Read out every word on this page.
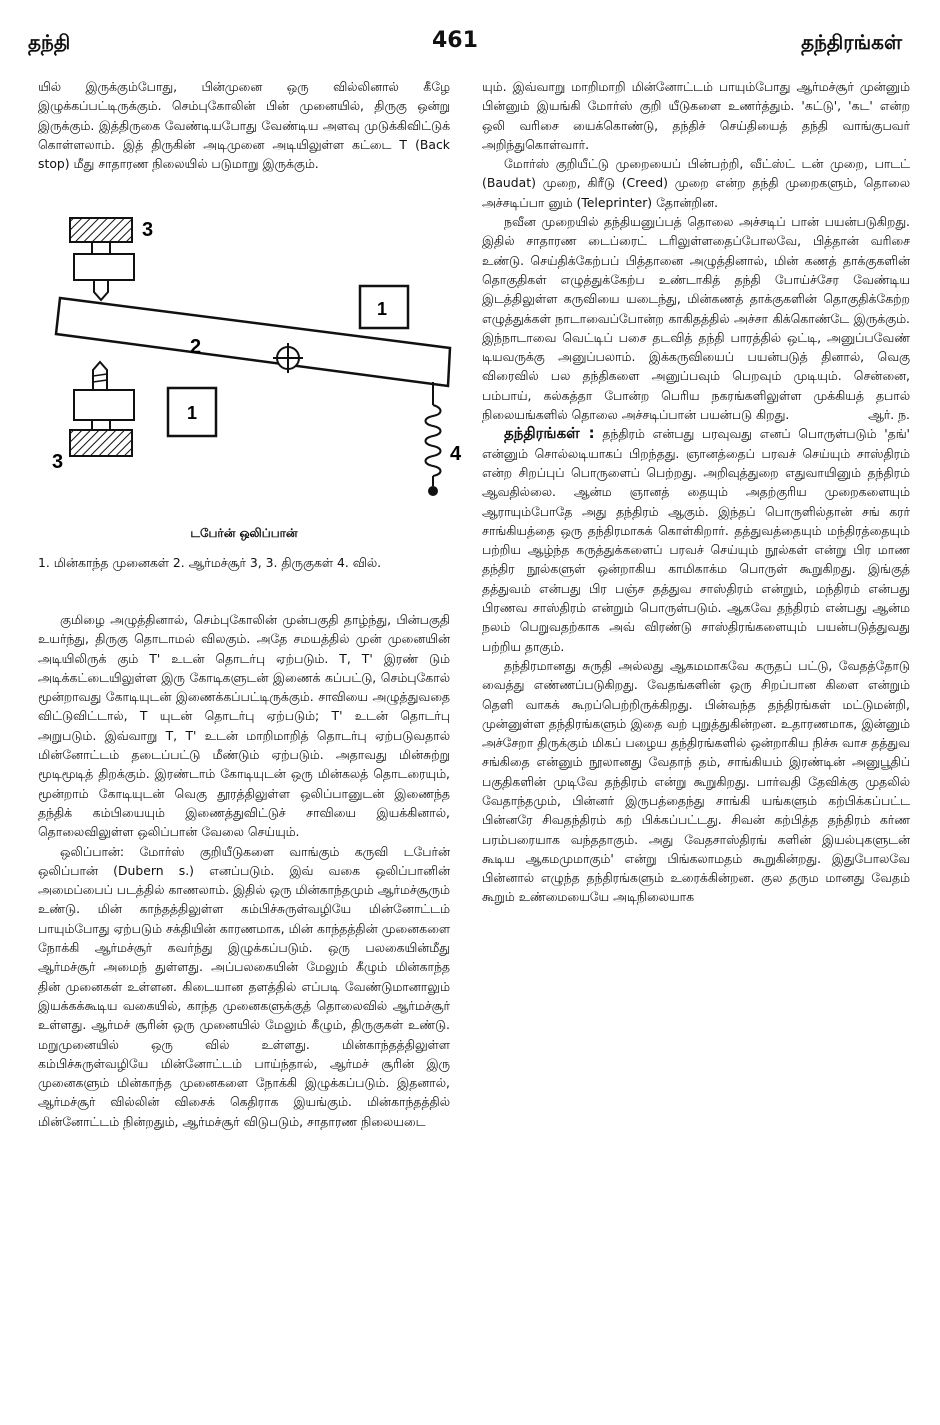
தந்தி	461	தந்திரங்கள்

யில் இருக்கும்போது, பின்முனை ஒரு வில்லினால் கீழே இழுக்கப்பட்டிருக்கும். செம்புகோலின் பின் முனையில், திருகு ஒன்று இருக்கும். இத்திருகை வேண்டியபோது வேண்டிய அளவு முடுக்கிவிட்டுக் கொள்ளலாம். இத் திருகின் அடிமுனை அடியிலுள்ள கட்டை T (Back stop) மீது சாதாரண நிலையில் படுமாறு இருக்கும்.

3
1
2
1
3	4
டபேர்ன் ஒலிப்பான்
1. மின்காந்த முனைகள் 2. ஆர்மச்சூர் 3, 3. திருகுகள் 4. வில்.

குமிழை அழுத்தினால், செம்புகோலின் முன்பகுதி தாழ்ந்து, பின்பகுதி உயர்ந்து, திருகு தொடாமல் விலகும். அதே சமயத்தில் முன் முனையின் அடியிலிருக் கும் T' உடன் தொடர்பு ஏற்படும். T, T' இரண் டும் அடிக்கட்டையிலுள்ள இரு கோடிகளுடன் இணைக் கப்பட்டு, செம்புகோல் மூன்றாவது கோடியுடன் இணைக்கப்பட்டிருக்கும். சாவியை அழுத்துவதை விட்டுவிட்டால், T யுடன் தொடர்பு ஏற்படும்; T' உடன் தொடர்பு அறுபடும். இவ்வாறு T, T' உடன் மாறிமாறித் தொடர்பு ஏற்படுவதால் மின்னோட்டம் தடைப்பட்டு மீண்டும் ஏற்படும். அதாவது மின்சுற்று மூடிமூடித் திறக்கும். இரண்டாம் கோடியுடன் ஒரு மின்கலத் தொடரையும், மூன்றாம் கோடியுடன் வெகு தூரத்திலுள்ள ஒலிப்பானுடன் இணைந்த தந்திக் கம்பியையும் இணைத்துவிட்டுச் சாவியை இயக்கினால், தொலைவிலுள்ள ஒலிப்பான் வேலை செய்யும்.

ஒலிப்பான்: மோர்ஸ் குறியீடுகளை வாங்கும் கருவி டபேர்ன் ஒலிப்பான் (Dubern s.) எனப்படும். இவ் வகை ஒலிப்பானின் அமைப்பைப் படத்தில் காணலாம். இதில் ஒரு மின்காந்தமும் ஆர்மச்சூரும் உண்டு. மின் காந்தத்திலுள்ள கம்பிச்சுருள்வழியே மின்னோட்டம் பாயும்போது ஏற்படும் சக்தியின் காரணமாக, மின் காந்தத்தின் முனைகளை நோக்கி ஆர்மச்சூர் கவர்ந்து இழுக்கப்படும். ஒரு பலகையின்மீது ஆர்மச்சூர் அமைந் துள்ளது. அப்பலகையின் மேலும் கீழும் மின்காந்த தின் முனைகள் உள்ளன. கிடையான தளத்தில் எப்படி வேண்டுமானாலும் இயக்கக்கூடிய வகையில், காந்த முனைகளுக்குத் தொலைவில் ஆர்மச்சூர் உள்ளது. ஆர்மச் சூரின் ஒரு முனையில் மேலும் கீழும், திருகுகள் உண்டு. மறுமுனையில் ஒரு வில் உள்ளது. மின்காந்தத்திலுள்ள கம்பிச்சுருள்வழியே மின்னோட்டம் பாய்ந்தால், ஆர்மச் சூரின் இரு முனைகளும் மின்காந்த முனைகளை நோக்கி இழுக்கப்படும். இதனால், ஆர்மச்சூர் வில்லின் விசைக் கெதிராக இயங்கும். மின்காந்தத்தில் மின்னோட்டம் நின்றதும், ஆர்மச்சூர் விடுபடும், சாதாரண நிலையடை

யும். இவ்வாறு மாறிமாறி மின்னோட்டம் பாயும்போது ஆர்மச்சூர் முன்னும் பின்னும் இயங்கி மோர்ஸ் குறி யீடுகளை உணர்த்தும். 'கட்டு', 'கட' என்ற ஒலி வரிசை யைக்கொண்டு, தந்திச் செய்தியைத் தந்தி வாங்குபவர் அறிந்துகொள்வார்.

மோர்ஸ் குறியீட்டு முறையைப் பின்பற்றி, வீட்ஸ்ட் டன் முறை, பாடட் (Baudat) முறை, கிரீடு (Creed) முறை என்ற தந்தி முறைகளும், தொலை அச்சடிப்பா னும் (Teleprinter) தோன்றின.

நவீன முறையில் தந்தியனுப்பத் தொலை அச்சடிப் பான் பயன்படுகிறது. இதில் சாதாரண டைப்ரைட் டரிலுள்ளதைப்போலவே, பித்தான் வரிசை உண்டு. செய்திக்கேற்பப் பித்தானை அழுத்தினால், மின் கணத் தாக்குகளின் தொகுதிகள் எழுத்துக்கேற்ப உண்டாகித் தந்தி போய்ச்சேர வேண்டிய இடத்திலுள்ள கருவியை யடைந்து, மின்கணத் தாக்குகளின் தொகுதிக்கேற்ற எழுத்துக்கள் நாடாவைப்போன்ற காகிதத்தில் அச்சா கிக்கொண்டே இருக்கும். இந்நாடாவை வெட்டிப் பசை தடவித் தந்தி பாரத்தில் ஒட்டி, அனுப்பவேண் டியவருக்கு அனுப்பலாம். இக்கருவியைப் பயன்படுத் தினால், வெகு விரைவில் பல தந்திகளை அனுப்பவும் பெறவும் முடியும். சென்னை, பம்பாய், கல்கத்தா போன்ற பெரிய நகரங்களிலுள்ள முக்கியத் தபால் நிலையங்களில் தொலை அச்சடிப்பான் பயன்படு கிறது.	ஆர். ந.

தந்திரங்கள் : தந்திரம் என்பது பரவுவது எனப் பொருள்படும் 'தங்' என்னும் சொல்லடியாகப் பிறந்தது. ஞானத்தைப் பரவச் செய்யும் சாஸ்திரம் என்ற சிறப்புப் பொருளைப் பெற்றது. அறிவுத்துறை எதுவாயினும் தந்திரம் ஆவதில்லை. ஆன்ம ஞானத் தையும் அதற்குரிய முறைகளையும் ஆராயும்போதே அது தந்திரம் ஆகும். இந்தப் பொருளில்தான் சங் கரர் சாங்கியத்தை ஒரு தந்திரமாகக் கொள்கிறார். தத்துவத்தையும் மந்திரத்தையும் பற்றிய ஆழ்ந்த கருத்துக்களைப் பரவச் செய்யும் நூல்கள் என்று பிர மாண தந்திர நூல்களுள் ஒன்றாகிய காமிகாக்ம பொருள் கூறுகிறது. இங்குத் தத்துவம் என்பது பிர பஞ்ச தத்துவ சாஸ்திரம் என்றும், மந்திரம் என்பது பிரணவ சாஸ்திரம் என்றும் பொருள்படும். ஆகவே தந்திரம் என்பது ஆன்ம நலம் பெறுவதற்காக அவ் விரண்டு சாஸ்திரங்களையும் பயன்படுத்துவது பற்றிய தாகும்.

தந்திரமானது சுருதி அல்லது ஆகமமாகவே கருதப் பட்டு, வேதத்தோடு வைத்து எண்ணப்படுகிறது. வேதங்களின் ஒரு சிறப்பான கிளை என்றும் தெளி வாகக் கூறப்பெற்றிருக்கிறது. பின்வந்த தந்திரங்கள் மட்டுமன்றி, முன்னுள்ள தந்திரங்களும் இதை வற் புறுத்துகின்றன. உதாரணமாக, இன்னும் அச்சேறா திருக்கும் மிகப் பழைய தந்திரங்களில் ஒன்றாகிய நிச்சு வாச தத்துவ சங்கிதை என்னும் நூலானது வேதாந் தம், சாங்கியம் இரண்டின் அனுபூதிப் பகுதிகளின் முடிவே தந்திரம் என்று கூறுகிறது. பார்வதி தேவிக்கு முதலில் வேதாந்தமும், பின்னர் இருபத்தைந்து சாங்கி யங்களும் கற்பிக்கப்பட்ட பின்னரே சிவதந்திரம் கற் பிக்கப்பட்டது. சிவன் கற்பித்த தந்திரம் கர்ண பரம்பரையாக வந்ததாகும். அது வேதசாஸ்திரங் களின் இயல்புகளுடன் கூடிய ஆகமமுமாகும்' என்று பிங்கலாமதம் கூறுகின்றது. இதுபோலவே பின்னால் எழுந்த தந்திரங்களும் உரைக்கின்றன. குல தரும மானது வேதம் கூறும் உண்மையையே அடிநிலையாக
